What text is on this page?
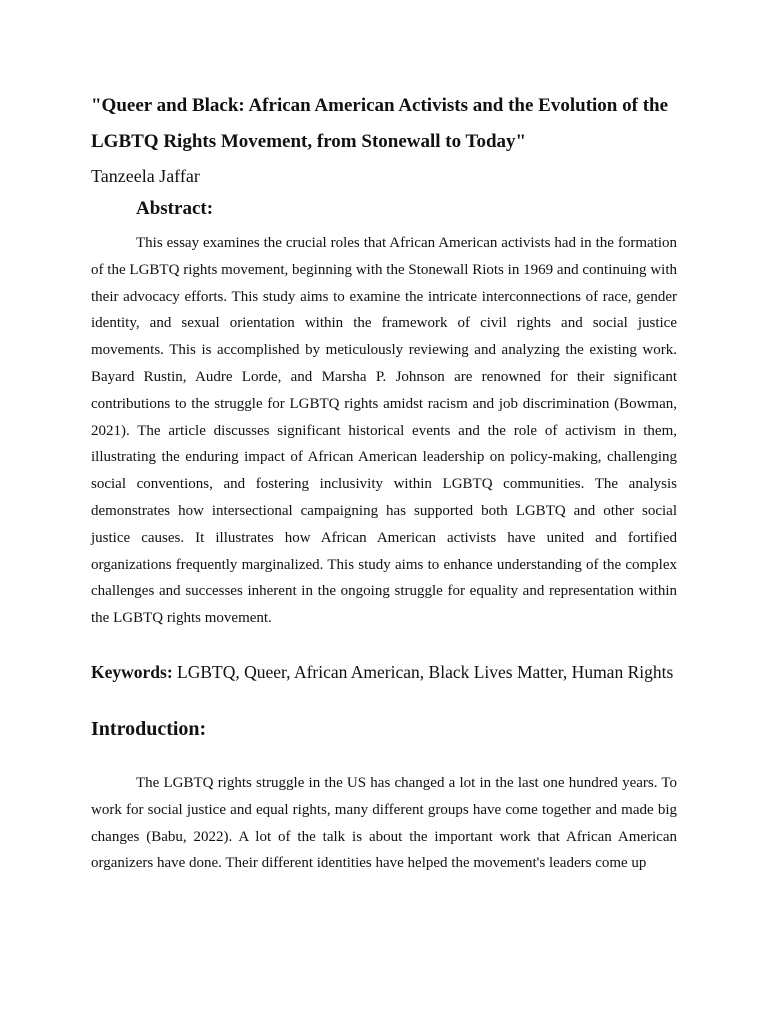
"Queer and Black: African American Activists and the Evolution of the LGBTQ Rights Movement, from Stonewall to Today"
Tanzeela Jaffar
Abstract:

This essay examines the crucial roles that African American activists had in the formation of the LGBTQ rights movement, beginning with the Stonewall Riots in 1969 and continuing with their advocacy efforts. This study aims to examine the intricate interconnections of race, gender identity, and sexual orientation within the framework of civil rights and social justice movements. This is accomplished by meticulously reviewing and analyzing the existing work. Bayard Rustin, Audre Lorde, and Marsha P. Johnson are renowned for their significant contributions to the struggle for LGBTQ rights amidst racism and job discrimination (Bowman, 2021). The article discusses significant historical events and the role of activism in them, illustrating the enduring impact of African American leadership on policy-making, challenging social conventions, and fostering inclusivity within LGBTQ communities. The analysis demonstrates how intersectional campaigning has supported both LGBTQ and other social justice causes. It illustrates how African American activists have united and fortified organizations frequently marginalized. This study aims to enhance understanding of the complex challenges and successes inherent in the ongoing struggle for equality and representation within the LGBTQ rights movement.

Keywords: LGBTQ, Queer, African American, Black Lives Matter, Human Rights

Introduction:

The LGBTQ rights struggle in the US has changed a lot in the last one hundred years. To work for social justice and equal rights, many different groups have come together and made big changes (Babu, 2022). A lot of the talk is about the important work that African American organizers have done. Their different identities have helped the movement's leaders come up
